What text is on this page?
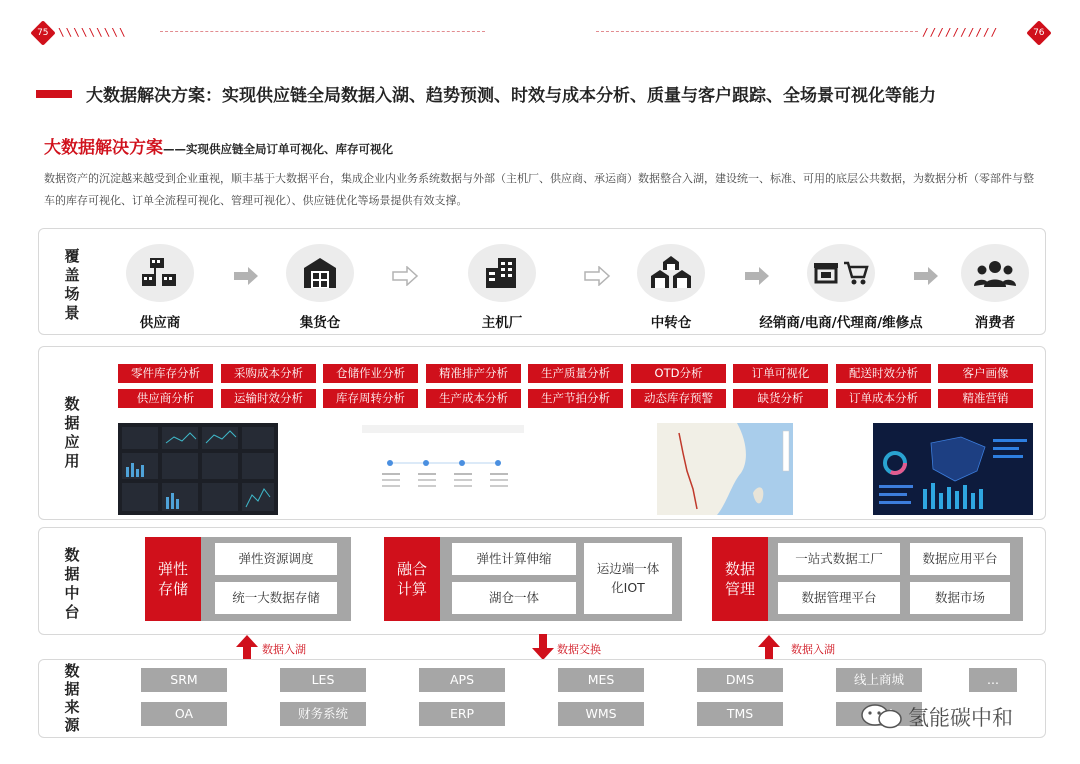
75 \\\\\\\\\	//////////	76
大数据解决方案：实现供应链全局数据入湖、趋势预测、时效与成本分析、质量与客户跟踪、全场景可视化等能力
大数据解决方案——实现供应链全局订单可视化、库存可视化
数据资产的沉淀越来越受到企业重视，顺丰基于大数据平台，集成企业内业务系统数据与外部（主机厂、供应商、承运商）数据整合入湖，建设统一、标准、可用的底层公共数据，为数据分析（零部件与整车的库存可视化、订单全流程可视化、管理可视化）、供应链优化等场景提供有效支撑。
覆
盖
场
景
供应商	集货仓	主机厂	中转仓	经销商/电商/代理商/维修点	消费者
数
据
应
用
零件库存分析	采购成本分析	仓储作业分析	精准排产分析	生产质量分析	OTD分析	订单可视化	配送时效分析	客户画像
供应商分析	运输时效分析	库存周转分析	生产成本分析	生产节拍分析	动态库存预警	缺货分析	订单成本分析	精准营销
数
据
中
台
弹性存储
弹性资源调度
统一大数据存储
融合计算
弹性计算伸缩
湖仓一体
运边端一体化IOT
数据管理
一站式数据工厂	数据应用平台
数据管理平台	数据市场
数据入湖	数据交换	数据入湖
数
据
来
源
SRM	LES	APS	MES	DMS	线上商城	...
OA	财务系统	ERP	WMS	TMS	氢能碳中和
